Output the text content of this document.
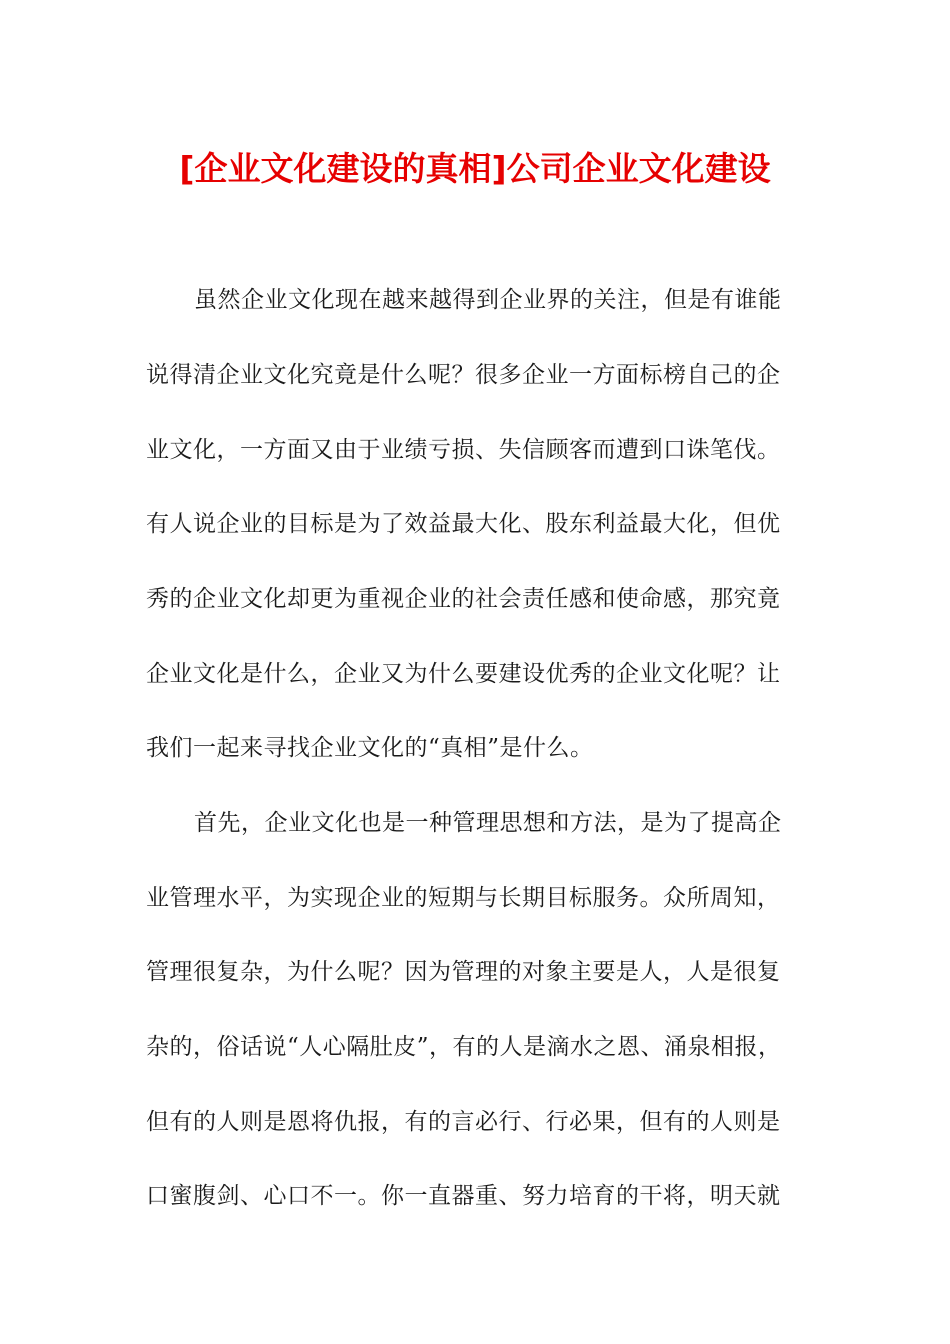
[企业文化建设的真相]公司企业文化建设
虽然企业文化现在越来越得到企业界的关注，但是有谁能
说得清企业文化究竟是什么呢？很多企业一方面标榜自己的企
业文化，一方面又由于业绩亏损、失信顾客而遭到口诛笔伐。
有人说企业的目标是为了效益最大化、股东利益最大化，但优
秀的企业文化却更为重视企业的社会责任感和使命感，那究竟
企业文化是什么，企业又为什么要建设优秀的企业文化呢？让
我们一起来寻找企业文化的“真相”是什么。
首先，企业文化也是一种管理思想和方法，是为了提高企
业管理水平，为实现企业的短期与长期目标服务。众所周知，
管理很复杂，为什么呢？因为管理的对象主要是人，人是很复
杂的，俗话说“人心隔肚皮”，有的人是滴水之恩、涌泉相报，
但有的人则是恩将仇报，有的言必行、行必果，但有的人则是
口蜜腹剑、心口不一。你一直器重、努力培育的干将，明天就
